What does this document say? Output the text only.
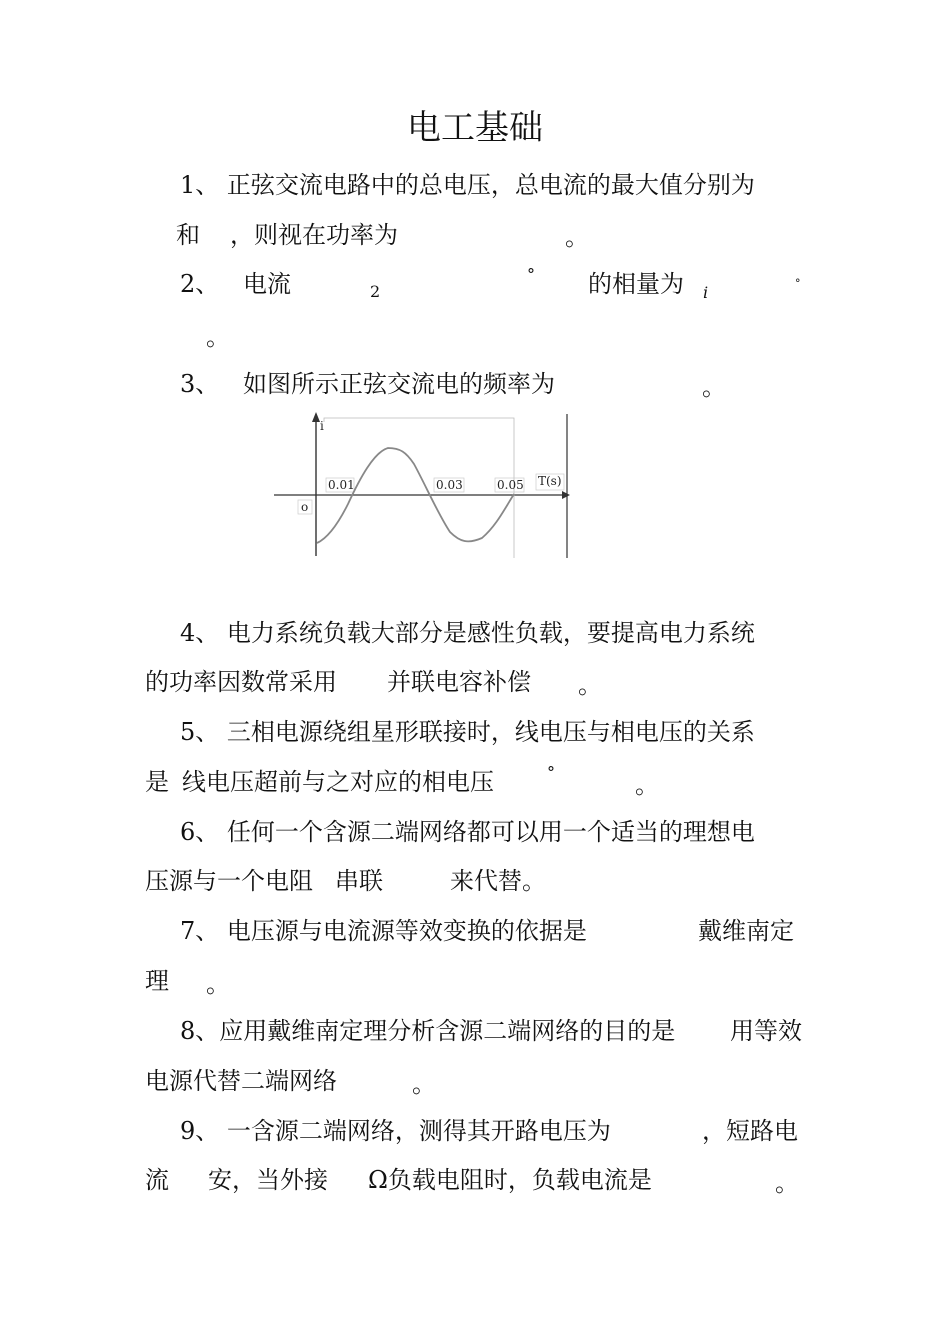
电工基础
1、 正弦交流电路中的总电压，总电流的最大值分别为
和 ，则视在功率为	。
2、 电流	2
° 的相量为 i	°
。
3、 如图所示正弦交流电的频率为	。
i
0.01	0.03	0.05 T(s)
o
4、 电力系统负载大部分是感性负载，要提高电力系统
的功率因数常采用 并联电容补偿 。
5、 三相电源绕组星形联接时，线电压与相电压的关系
是 线电压超前与之对应的相电压	°	。
6、 任何一个含源二端网络都可以用一个适当的理想电
压源与一个电阻 串联	来代替。
7、 电压源与电流源等效变换的依据是	戴维南定
理 。
8、应用戴维南定理分析含源二端网络的目的是 用等效
电源代替二端网络	。
9、 一含源二端网络，测得其开路电压为	，短路电
流 安，当外接 Ω负载电阻时，负载电流是	。
